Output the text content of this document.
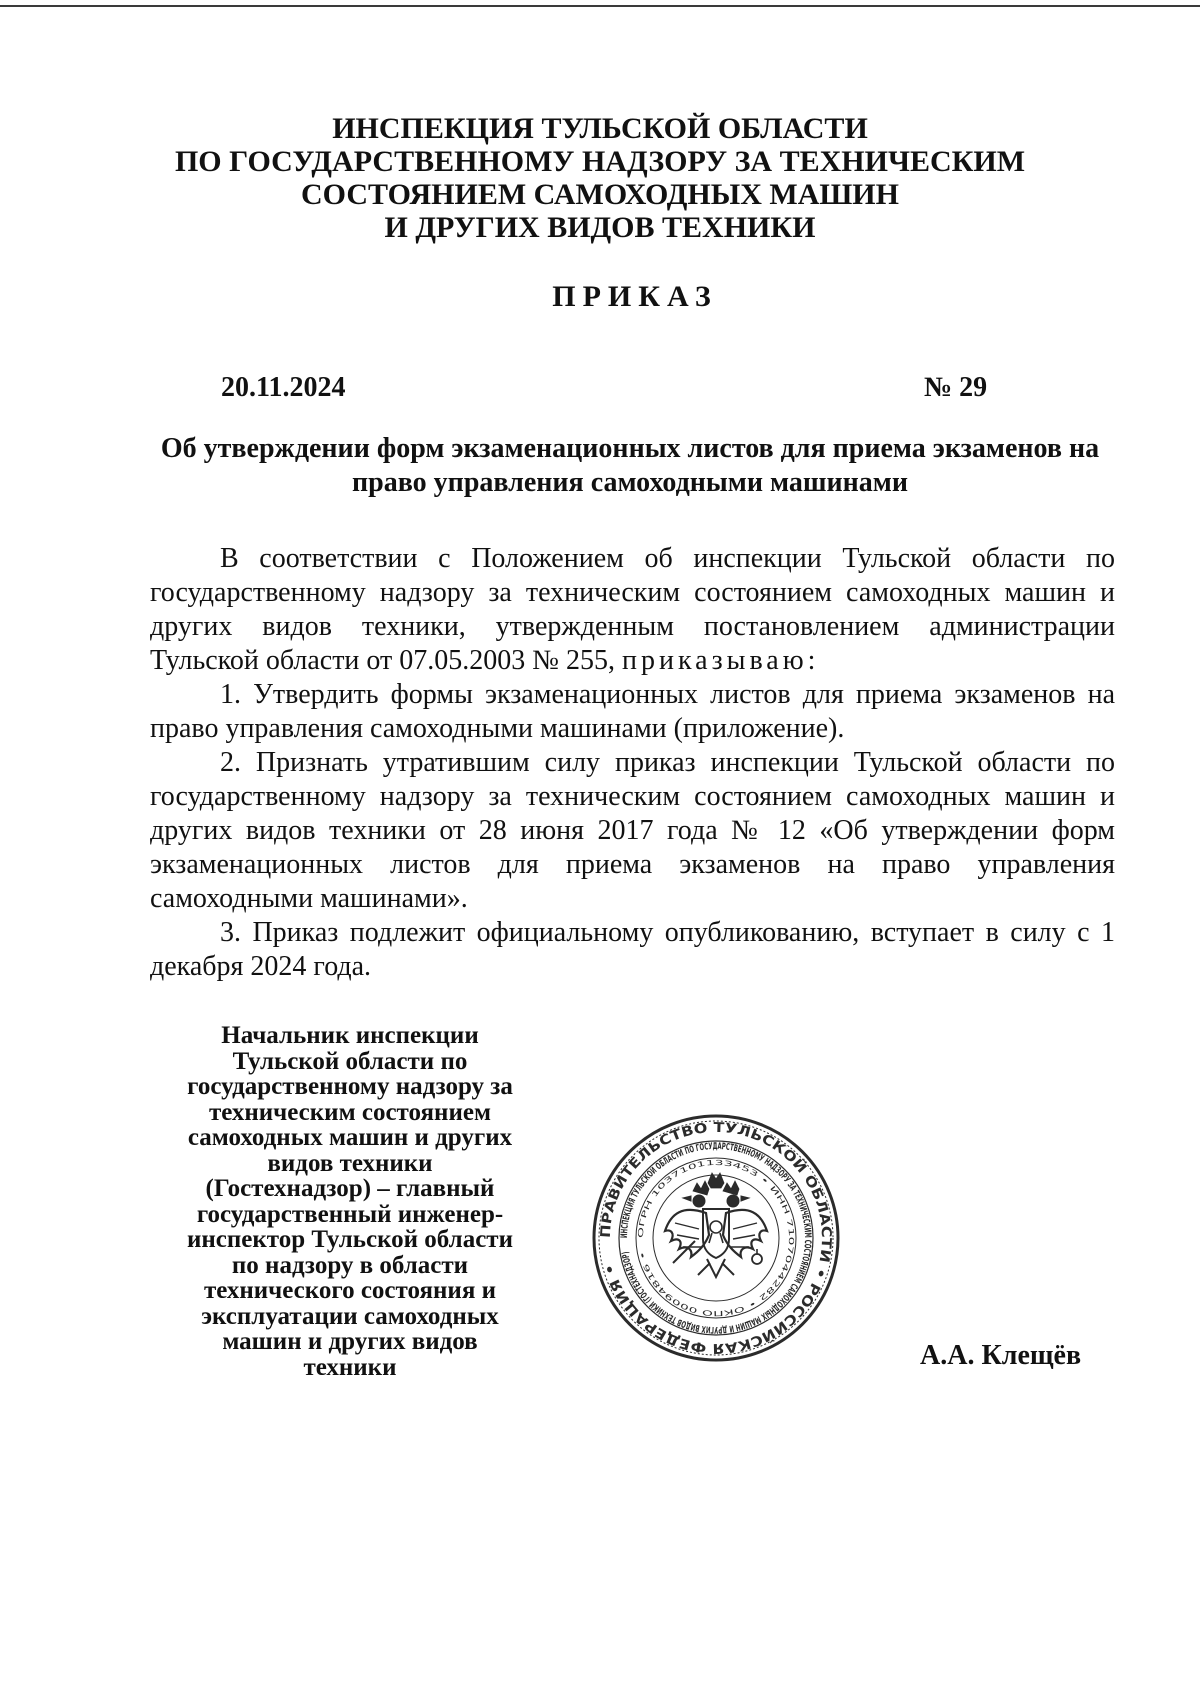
ИНСПЕКЦИЯ ТУЛЬСКОЙ ОБЛАСТИ
ПО ГОСУДАРСТВЕННОМУ НАДЗОРУ ЗА ТЕХНИЧЕСКИМ
СОСТОЯНИЕМ САМОХОДНЫХ МАШИН
И ДРУГИХ ВИДОВ ТЕХНИКИ
ПРИКАЗ
20.11.2024	№ 29
Об утверждении форм экзаменационных листов для приема экзаменов на право управления самоходными машинами

В соответствии с Положением об инспекции Тульской области по государственному надзору за техническим состоянием самоходных машин и других видов техники, утвержденным постановлением администрации Тульской области от 07.05.2003 № 255, приказываю:

1. Утвердить формы экзаменационных листов для приема экзаменов на право управления самоходными машинами (приложение).

2. Признать утратившим силу приказ инспекции Тульской области по государственному надзору за техническим состоянием самоходных машин и других видов техники от 28 июня 2017 года № 12 «Об утверждении форм экзаменационных листов для приема экзаменов на право управления самоходными машинами».

3. Приказ подлежит официальному опубликованию, вступает в силу с 1 декабря 2024 года.

Начальник инспекции
Тульской области по
государственному надзору за
техническим состоянием
самоходных машин и других
видов техники
(Гостехнадзор) – главный
государственный инженер-
инспектор Тульской области
по надзору в области
технического состояния и
эксплуатации самоходных
машин и других видов
техники
ПРАВИТЕЛЬСТВО ТУЛЬСКОЙ ОБЛАСТИ • РОССИЙСКАЯ ФЕДЕРАЦИЯ •
ИНСПЕКЦИЯ ТУЛЬСКОЙ ОБЛАСТИ ПО ГОСУДАРСТВЕННОМУ НАДЗОРУ ЗА ТЕХНИЧЕСКИМ СОСТОЯНИЕМ САМОХОДНЫХ МАШИН И ДРУГИХ ВИДОВ ТЕХНИКИ (ГОСТЕХНАДЗОР)
ОГРН 1037101133453 • ИНН 7107044282 • ОКПО 00094816 •
А.А. Клещёв
